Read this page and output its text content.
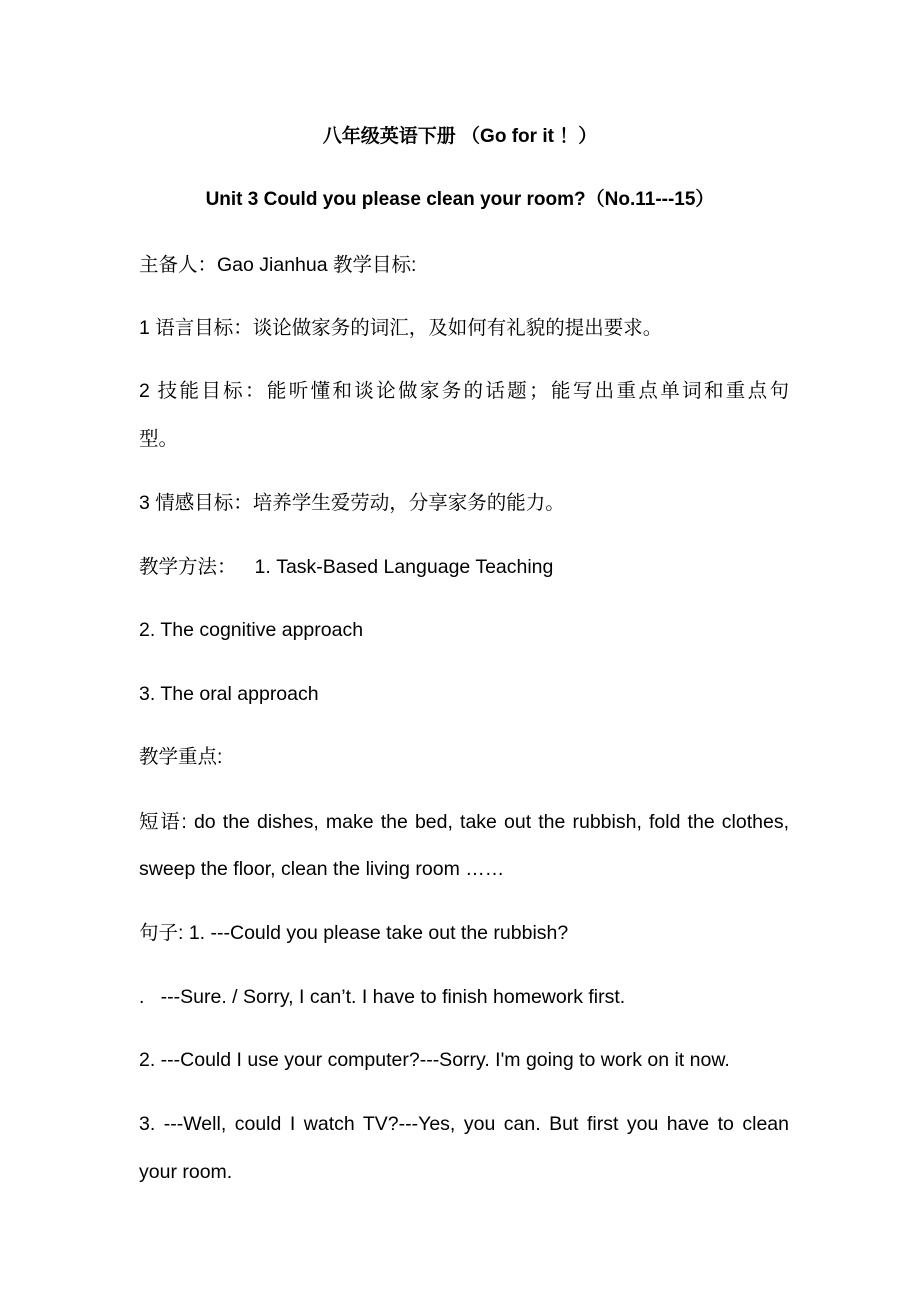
八年级英语下册 （Go for it ！）
Unit 3 Could you please clean your room?（No.11---15）
主备人：Gao Jianhua 教学目标:
1 语言目标：谈论做家务的词汇，及如何有礼貌的提出要求。
2 技能目标：能听懂和谈论做家务的话题；能写出重点单词和重点句
型。
3 情感目标：培养学生爱劳动，分享家务的能力。
教学方法： 1. Task-Based Language Teaching
2. The cognitive approach
3. The oral approach
教学重点:
短语: do the dishes, make the bed, take out the rubbish, fold the clothes,
sweep the floor, clean the living room ……
句子: 1. ---Could you please take out the rubbish?
.   ---Sure. / Sorry, I can’t. I have to finish homework first.
2. ---Could I use your computer?---Sorry. I'm going to work on it now.
3. ---Well, could I watch TV?---Yes, you can. But first you have to clean
your room.
